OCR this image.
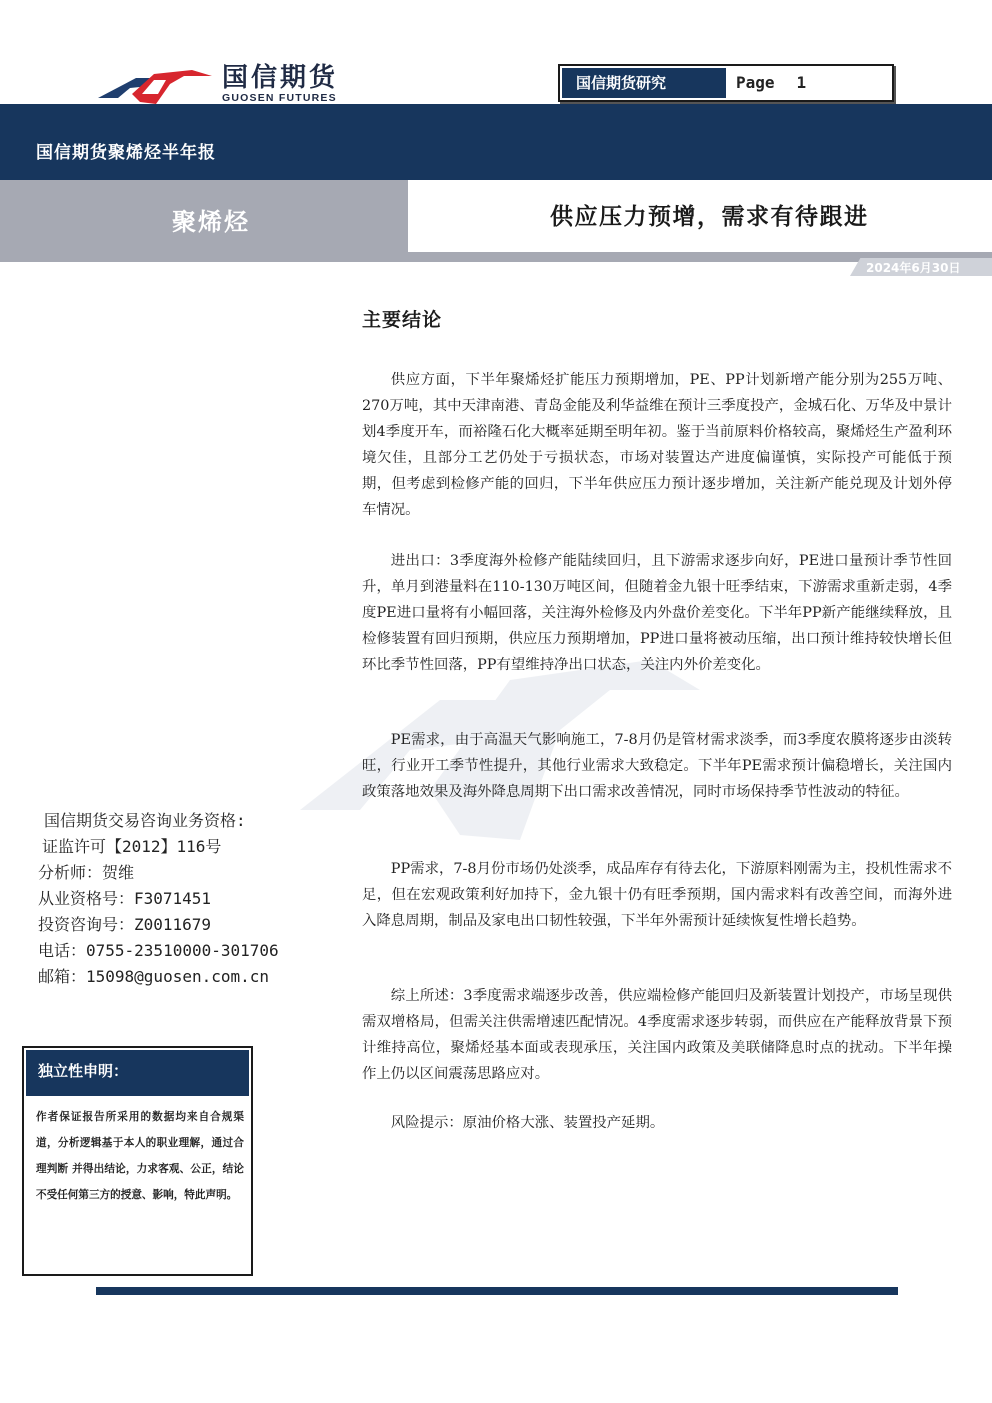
国信期货
GUOSEN FUTURES
国信期货研究	Page 1
国信期货聚烯烃半年报
聚烯烃	供应压力预增，需求有待跟进
2024年6月30日
主要结论

供应方面，下半年聚烯烃扩能压力预期增加，PE、PP计划新增产能分别为255万吨、270万吨，其中天津南港、青岛金能及利华益维在预计三季度投产，金城石化、万华及中景计划4季度开车，而裕隆石化大概率延期至明年初。鉴于当前原料价格较高，聚烯烃生产盈利环境欠佳，且部分工艺仍处于亏损状态，市场对装置达产进度偏谨慎，实际投产可能低于预期，但考虑到检修产能的回归，下半年供应压力预计逐步增加，关注新产能兑现及计划外停车情况。

进出口：3季度海外检修产能陆续回归，且下游需求逐步向好，PE进口量预计季节性回升，单月到港量料在110-130万吨区间，但随着金九银十旺季结束，下游需求重新走弱，4季度PE进口量将有小幅回落，关注海外检修及内外盘价差变化。下半年PP新产能继续释放，且检修装置有回归预期，供应压力预期增加，PP进口量将被动压缩，出口预计维持较快增长但环比季节性回落，PP有望维持净出口状态，关注内外价差变化。

PE需求，由于高温天气影响施工，7-8月仍是管材需求淡季，而3季度农膜将逐步由淡转旺，行业开工季节性提升，其他行业需求大致稳定。下半年PE需求预计偏稳增长，关注国内政策落地效果及海外降息周期下出口需求改善情况，同时市场保持季节性波动的特征。

PP需求，7-8月份市场仍处淡季，成品库存有待去化，下游原料刚需为主，投机性需求不足，但在宏观政策利好加持下，金九银十仍有旺季预期，国内需求料有改善空间，而海外进入降息周期，制品及家电出口韧性较强，下半年外需预计延续恢复性增长趋势。

综上所述：3季度需求端逐步改善，供应端检修产能回归及新装置计划投产，市场呈现供需双增格局，但需关注供需增速匹配情况。4季度需求逐步转弱，而供应在产能释放背景下预计维持高位，聚烯烃基本面或表现承压，关注国内政策及美联储降息时点的扰动。下半年操作上仍以区间震荡思路应对。

风险提示：原油价格大涨、装置投产延期。

国信期货交易咨询业务资格:
证监许可【2012】116号
分析师：贺维
从业资格号：F3071451
投资咨询号：Z0011679
电话：0755-23510000-301706
邮箱：15098@guosen.com.cn
独立性申明：

作者保证报告所采用的数据均来自合规渠道，分析逻辑基于本人的职业理解，通过合理判断 并得出结论，力求客观、公正，结论不受任何第三方的授意、影响，特此声明。
